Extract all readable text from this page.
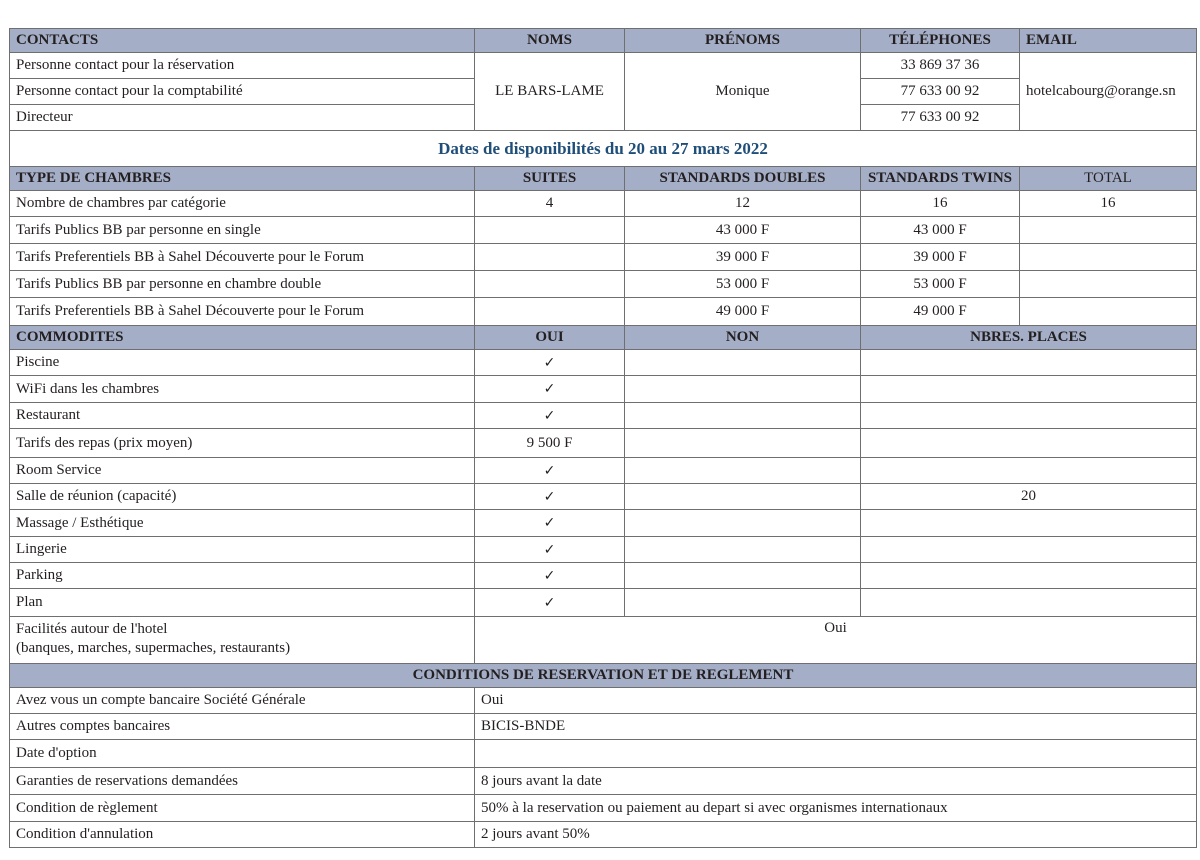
CONTACTS	NOMS	PRÉNOMS	TÉLÉPHONES	EMAIL
Personne contact pour la réservation	LE BARS-LAME	Monique	33 869 37 36	hotelcabourg@orange.sn
Personne contact pour la comptabilité			77 633 00 92	
Directeur			77 633 00 92	
Dates de disponibilités du 20 au 27 mars 2022				
TYPE DE CHAMBRES	SUITES	STANDARDS DOUBLES	STANDARDS TWINS	TOTAL
Nombre de chambres par catégorie	4	12	16	16
Tarifs Publics BB par personne en single		43 000 F	43 000 F	
Tarifs Preferentiels BB à Sahel Découverte pour le Forum		39 000 F	39 000 F	
Tarifs Publics BB par personne en chambre double		53 000 F	53 000 F	
Tarifs Preferentiels BB à Sahel Découverte pour le Forum		49 000 F	49 000 F	
COMMODITES	OUI	NON	NBRES. PLACES	
Piscine	✓			
WiFi dans les chambres	✓			
Restaurant	✓			
Tarifs des repas (prix moyen)	9 500 F			
Room Service	✓			
Salle de réunion (capacité)	✓		20	
Massage / Esthétique	✓			
Lingerie	✓			
Parking	✓			
Plan	✓			
Facilités autour de l'hotel
(banques, marches, supermaches, restaurants)	Oui			
CONDITIONS DE RESERVATION ET DE REGLEMENT				
Avez vous un compte bancaire Société Générale	Oui			
Autres comptes bancaires	BICIS-BNDE			
Date d'option				
Garanties de reservations demandées	8 jours avant la date			
Condition de règlement	50% à la reservation ou paiement au depart si avec organismes internationaux			
Condition d'annulation	2 jours avant 50%			
